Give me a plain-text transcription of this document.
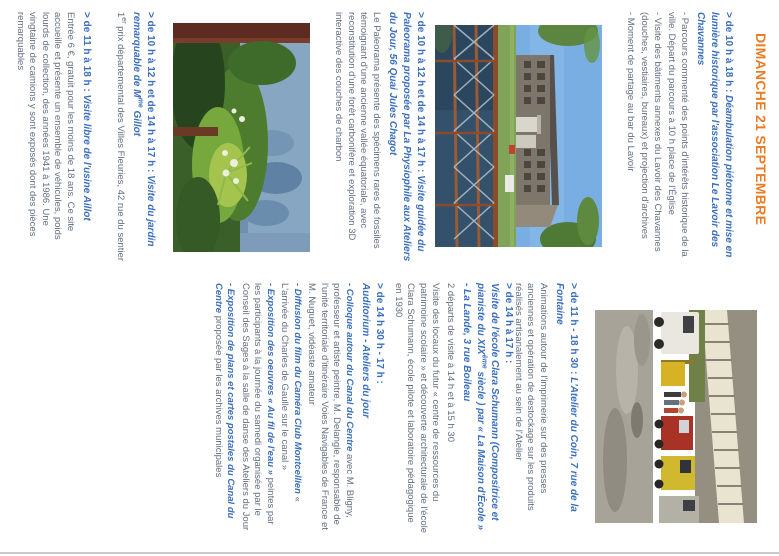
DIMANCHE 21 SEPTEMBRE

> de 10 h à 18 h : Déambulation piétonne et mise en lumière historique par l'association Le Lavoir des Chavannes

- Parcours commenté des points d'intérêts historique de la ville. Départ du parcours à 10 h place de l'Église

- Visite des bâtiments annexes du Lavoir des Chavannes (douches, vestiaires, bureaux) et projection d'archives

- Moment de partage au bar du Lavoir

> de 10 h à 12 h et de 14 h à 17 h : Visite guidée du Paleorama proposée par La Physiophile aux Ateliers du Jour, 56 Quai Jules Chagot

Le Paleorama présente des spécimens rares de fossiles témoignant d'une ancienne vallée équatoriale, avec reconstitution d'une forêt carbonifère et exploration 3D interactive des couches de charbon

> de 10 h à 12 h et de 14 h à 17 h : Visite du jardin remarquable de $M^{me}$ Gillot

1er prix départemental des Villes Fleuries, 42 rue du sentier

> de 11 h à 18 h : Visite libre de l'usine Aillot

Entrée 6 €, gratuit pour les moins de 18 ans. Ce site accueille et présente un ensemble de véhicules, poids lourds de collection, des années 1941 à 1986. Une vingtaine de camions y sont exposés dont des pièces remarquables

> de 11 h - 18 h 30 : L'Atelier du Coin, 7 rue de la Fontaine

Animations autour de l'imprimerie sur des presses anciennes et opération de destockage sur les produits réalisés artisanalement au sein de l'Atelier

> de 14 h à 17 h :
Visite de l'école Clara Schumann (Compositrice et pianiste du XIXème siècle ) par « La Maison d'École » - La Lande, 3 rue Boileau

2 départs de visite à 14 h et à 15 h 30

Visite des locaux du futur « centre de ressources du patrimoine scolaire » et découverte architecturale de l'école Clara Schumann, école pilote et laboratoire pédagogique en 1930

> de 14 h 30 h - 17 h :
Auditorium - Ateliers du jour

- Colloque autour du Canal du Centre avec M. Bligny, professeur et artiste peintre, M. Delangle, responsable de l'unité territoriale d'itinéraire Voies Navigables de France et M. Nuguet, vidéaste amateur

- Diffusion du film du Caméra Club Montcellien « L'arrivée du Charles de Gaulle sur le canal »

- Exposition des oeuvres « Au fil de l'eau » peintes par les participants à la journée du samedi organisée par le Conseil des Sages à la salle de danse des Ateliers du Jour

- Exposition de plans et cartes postales du Canal du Centre proposée par les archives municipales
